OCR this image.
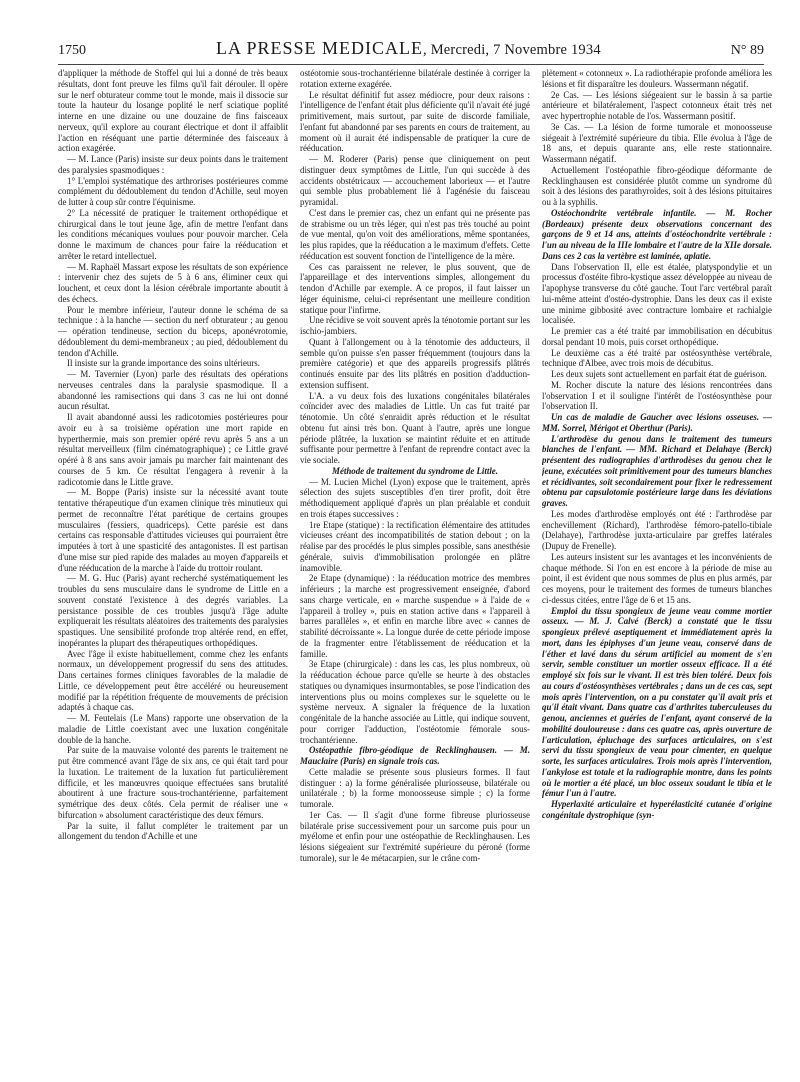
1750	LA PRESSE MEDICALE, Mercredi, 7 Novembre 1934	N° 89

d'appliquer la méthode de Stoffel qui lui a donné de très beaux résultats, dont font preuve les films qu'il fait dérouler. Il opère sur le nerf obturateur comme tout le monde, mais il dissocie sur toute la hauteur du losange poplité le nerf sciatique poplité interne en une dizaine ou une douzaine de fins faisceaux nerveux, qu'il explore au courant électrique et dont il affaiblit l'action en réséquant une partie déterminée des faisceaux à action exagérée.

— M. Lance (Paris) insiste sur deux points dans le traitement des paralysies spasmodiques :

1° L'emploi systématique des arthrorises postérieures comme complément du dédoublement du tendon d'Achille, seul moyen de lutter à coup sûr contre l'équinisme.

2° La nécessité de pratiquer le traitement orthopédique et chirurgical dans le tout jeune âge, afin de mettre l'enfant dans les conditions mécaniques voulues pour pouvoir marcher. Cela donne le maximum de chances pour faire la rééducation et arrêter le retard intellectuel.

— M. Raphaël Massart expose les résultats de son expérience : intervenir chez des sujets de 5 à 6 ans, éliminer ceux qui louchent, et ceux dont la lésion cérébrale importante aboutit à des échecs.

Pour le membre inférieur, l'auteur donne le schéma de sa technique : à la hanche — section du nerf obturateur ; au genou — opération tendineuse, section du biceps, aponévrotomie, dédoublement du demi-membraneux ; au pied, dédoublement du tendon d'Achille.

Il insiste sur la grande importance des soins ultérieurs.

— M. Tavernier (Lyon) parle des résultats des opérations nerveuses centrales dans la paralysie spasmodique. Il a abandonné les ramisections qui dans 3 cas ne lui ont donné aucun résultat.

Il avait abandonné aussi les radicotomies postérieures pour avoir eu à sa troisième opération une mort rapide en hyperthermie, mais son premier opéré revu après 5 ans a un résultat merveilleux (film cinématographique) ; ce Little gravé opéré à 8 ans sans avoir jamais pu marcher fait maintenant des courses de 5 km. Ce résultat l'engagera à revenir à la radicotomie dans le Little grave.

— M. Boppe (Paris) insiste sur la nécessité avant toute tentative thérapeutique d'un examen clinique très minutieux qui permet de reconnaître l'état parétique de certains groupes musculaires (fessiers, quadriceps). Cette parésie est dans certains cas responsable d'attitudes vicieuses qui pourraient être imputées à tort à une spasticité des antagonistes. Il est partisan d'une mise sur pied rapide des malades au moyen d'appareils et d'une rééducation de la marche à l'aide du trottoir roulant.

— M. G. Huc (Paris) ayant recherché systématiquement les troubles du sens musculaire dans le syndrome de Little en a souvent constaté l'existence à des degrés variables. La persistance possible de ces troubles jusqu'à l'âge adulte expliquerait les résultats aléatoires des traitements des paralysies spastiques. Une sensibilité profonde trop altérée rend, en effet, inopérantes la plupart des thérapeutiques orthopédiques.

Avec l'âge il existe habituellement, comme chez les enfants normaux, un développement progressif du sens des attitudes. Dans certaines formes cliniques favorables de la maladie de Little, ce développement peut être accéléré ou heureusement modifié par la répétition fréquente de mouvements de précision adaptés à chaque cas.

— M. Feutelais (Le Mans) rapporte une observation de la maladie de Little coexistant avec une luxation congénitale double de la hanche.

Par suite de la mauvaise volonté des parents le traitement ne put être commencé avant l'âge de six ans, ce qui était tard pour la luxation. Le traitement de la luxation fut particulièrement difficile, et les manœuvres quoique effectuées sans brutalité aboutirent à une fracture sous-trochantérienne, parfaitement symétrique des deux côtés. Cela permit de réaliser une « bifurcation » absolument caractéristique des deux fémurs.

Par la suite, il fallut compléter le traitement par un allongement du tendon d'Achille et une

ostéotomie sous-trochantérienne bilatérale destinée à corriger la rotation externe exagérée.

Le résultat définitif fut assez médiocre, pour deux raisons : l'intelligence de l'enfant était plus déficiente qu'il n'avait été jugé primitivement, mais surtout, par suite de discorde familiale, l'enfant fut abandonné par ses parents en cours de traitement, au moment où il aurait été indispensable de pratiquer la cure de rééducation.

— M. Roderer (Paris) pense que cliniquement on peut distinguer deux symptômes de Little, l'un qui succède à des accidents obstétricaux — accouchement laborieux — et l'autre qui semble plus probablement lié à l'agénésie du faisceau pyramidal.

C'est dans le premier cas, chez un enfant qui ne présente pas de strabisme ou un très léger, qui n'est pas très touché au point de vue mental, qu'on voit des améliorations, même spontanées, les plus rapides, que la rééducation a le maximum d'effets. Cette rééducation est souvent fonction de l'intelligence de la mère.

Ces cas paraissent ne relever, le plus souvent, que de l'appareillage et des interventions simples, allongement du tendon d'Achille par exemple. A ce propos, il faut laisser un léger équinisme, celui-ci représentant une meilleure condition statique pour l'infirme.

Une récidive se voit souvent après la ténotomie portant sur les ischio-jambiers.

Quant à l'allongement ou à la ténotomie des adducteurs, il semble qu'on puisse s'en passer fréquemment (toujours dans la première catégorie) et que des appareils progressifs plâtrés continués ensuite par des lits plâtrés en position d'adduction-extension suffisent.

L'A. a vu deux fois des luxations congénitales bilatérales coïncider avec des maladies de Little. Un cas fut traité par ténotomie. Un côté s'enraidit après réduction et le résultat obtenu fut ainsi très bon. Quant à l'autre, après une longue période plâtrée, la luxation se maintint réduite et en attitude suffisante pour permettre à l'enfant de reprendre contact avec la vie sociale.

Méthode de traitement du syndrome de Little.

— M. Lucien Michel (Lyon) expose que le traitement, après sélection des sujets susceptibles d'en tirer profit, doit être méthodiquement appliqué d'après un plan préalable et conduit en trois étapes successives :

1re Etape (statique) : la rectification élémentaire des attitudes vicieuses créant des incompatibilités de station debout ; on la réalise par des procédés le plus simples possible, sans anesthésie générale, suivis d'immobilisation prolongée en plâtre inamovible.

2e Etape (dynamique) : la rééducation motrice des membres inférieurs ; la marche est progressivement enseignée, d'abord sans charge verticale, en « marche suspendue » à l'aide de « l'appareil à trolley », puis en station active dans « l'appareil à barres parallèles », et enfin en marche libre avec « cannes de stabilité décroissante ». La longue durée de cette période impose de la fragmenter entre l'établissement de rééducation et la famille.

3e Etape (chirurgicale) : dans les cas, les plus nombreux, où la rééducation échoue parce qu'elle se heurte à des obstacles statiques ou dynamiques insurmontables, se pose l'indication des interventions plus ou moins complexes sur le squelette ou le système nerveux. A signaler la fréquence de la luxation congénitale de la hanche associée au Little, qui indique souvent, pour corriger l'adduction, l'ostéotomie fémorale sous-trochantérienne.

Ostéopathie fibro-géodique de Recklinghausen. — M. Mauclaire (Paris) en signale trois cas.

Cette maladie se présente sous plusieurs formes. Il faut distinguer : a) la forme généralisée pluriosseuse, bilatérale ou unilatérale ; b) la forme monoosseuse simple ; c) la forme tumorale.

1er Cas. — Il s'agit d'une forme fibreuse pluriosseuse bilatérale prise successivement pour un sarcome puis pour un myélome et enfin pour une ostéopathie de Recklinghausen. Les lésions siégeaient sur l'extrémité supérieure du péroné (forme tumorale), sur le 4e métacarpien, sur le crâne com-

plètement « cotonneux ». La radiothérapie profonde améliora les lésions et fit disparaître les douleurs. Wassermann négatif.

2e Cas. — Les lésions siégeaient sur le bassin à sa partie antérieure et bilatéralement, l'aspect cotonneux était très net avec hypertrophie notable de l'os. Wassermann positif.

3e Cas. — La lésion de forme tumorale et monoosseuse siégeait à l'extrémité supérieure du tibia. Elle évolua à l'âge de 18 ans, et depuis quarante ans, elle reste stationnaire. Wassermann négatif.

Actuellement l'ostéopathie fibro-géodique déformante de Recklinghausen est considérée plutôt comme un syndrome dû soit à des lésions des parathyroïdes, soit à des lésions pituitaires ou à la syphilis.

Ostéochondrite vertébrale infantile. — M. Rocher (Bordeaux) présente deux observations concernant des garçons de 9 et 14 ans, atteints d'ostéochondrite vertébrale : l'un au niveau de la IIIe lombaire et l'autre de la XIIe dorsale. Dans ces 2 cas la vertèbre est laminée, aplatie.

Dans l'observation II, elle est étalée, platyspondylie et un processus d'ostéite fibro-kystique assez développée au niveau de l'apophyse transverse du côté gauche. Tout l'arc vertébral paraît lui-même atteint d'ostéo-dystrophie. Dans les deux cas il existe une minime gibbosité avec contracture lombaire et rachialgie localisée.

Le premier cas a été traité par immobilisation en décubitus dorsal pendant 10 mois, puis corset orthopédique.

Le deuxième cas a été traité par ostéosynthèse vertébrale, technique d'Albee, avec trois mois de décubitus.

Les deux sujets sont actuellement en parfait état de guérison.

M. Rocher discute la nature des lésions rencontrées dans l'observation I et il souligne l'intérêt de l'ostéosynthèse pour l'observation II.

Un cas de maladie de Gaucher avec lésions osseuses. — MM. Sorrel, Mérigot et Oberthur (Paris).

L'arthrodèse du genou dans le traitement des tumeurs blanches de l'enfant. — MM. Richard et Delahaye (Berck) présentent des radiographies d'arthrodèses du genou chez le jeune, exécutées soit primitivement pour des tumeurs blanches et récidivantes, soit secondairement pour fixer le redressement obtenu par capsulotomie postérieure large dans les déviations graves.

Les modes d'arthrodèse employés ont été : l'arthrodèse par enchevillement (Richard), l'arthrodèse fémoro-patello-tibiale (Delahaye), l'arthrodèse juxta-articulaire par greffes latérales (Dupuy de Frenelle).

Les auteurs insistent sur les avantages et les inconvénients de chaque méthode. Si l'on en est encore à la période de mise au point, il est évident que nous sommes de plus en plus armés, par ces moyens, pour le traitement des formes de tumeurs blanches ci-dessus citées, entre l'âge de 6 et 15 ans.

Emploi du tissu spongieux de jeune veau comme mortier osseux. — M. J. Calvé (Berck) a constaté que le tissu spongieux prélevé aseptiquement et immédiatement après la mort, dans les épiphyses d'un jeune veau, conservé dans de l'éther et lavé dans du sérum artificiel au moment de s'en servir, semble constituer un mortier osseux efficace. Il a été employé six fois sur le vivant. Il est très bien toléré. Deux fois au cours d'ostéosynthèses vertébrales ; dans un de ces cas, sept mois après l'intervention, on a pu constater qu'il avait pris et qu'il était vivant. Dans quatre cas d'arthrites tuberculeuses du genou, anciennes et guéries de l'enfant, ayant conservé de la mobilité douloureuse : dans ces quatre cas, après ouverture de l'articulation, épluchage des surfaces articulaires, on s'est servi du tissu spongieux de veau pour cimenter, en quelque sorte, les surfaces articulaires. Trois mois après l'intervention, l'ankylose est totale et la radiographie montre, dans les points où le mortier a été placé, un bloc osseux soudant le tibia et le fémur l'un à l'autre.

Hyperlaxité articulaire et hyperélasticité cutanée d'origine congénitale dystrophique (syn-
